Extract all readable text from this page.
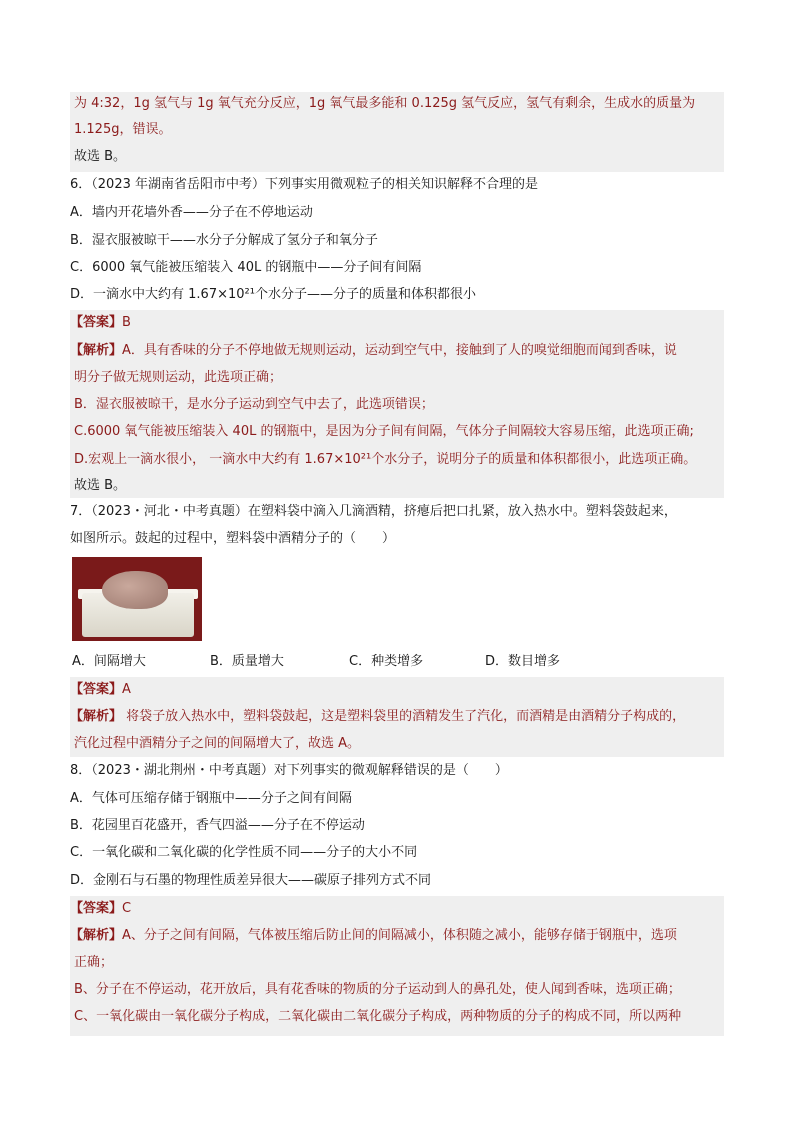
为 4:32，1g 氢气与 1g 氧气充分反应，1g 氧气最多能和 0.125g 氢气反应，氢气有剩余，生成水的质量为
1.125g，错误。
故选 B。
6．（2023 年湖南省岳阳市中考）下列事实用微观粒子的相关知识解释不合理的是
A．墙内开花墙外香——分子在不停地运动
B．湿衣服被晾干——水分子分解成了氢分子和氧分子
C．6000 氧气能被压缩装入 40L 的钢瓶中——分子间有间隔
D．一滴水中大约有 1.67×10²¹个水分子——分子的质量和体积都很小
【答案】B
【解析】A．具有香味的分子不停地做无规则运动，运动到空气中，接触到了人的嗅觉细胞而闻到香味，说
明分子做无规则运动，此选项正确；
B．湿衣服被晾干，是水分子运动到空气中去了，此选项错误；
C.6000 氧气能被压缩装入 40L 的钢瓶中，是因为分子间有间隔，气体分子间隔较大容易压缩，此选项正确;
D.宏观上一滴水很小， 一滴水中大约有 1.67×10²¹个水分子，说明分子的质量和体积都很小，此选项正确。
故选 B。
7．（2023・河北・中考真题）在塑料袋中滴入几滴酒精，挤瘪后把口扎紧，放入热水中。塑料袋鼓起来，
如图所示。鼓起的过程中，塑料袋中酒精分子的（　　）
A．间隔增大	B．质量增大	C．种类增多	D．数目增多
【答案】A
【解析】 将袋子放入热水中，塑料袋鼓起，这是塑料袋里的酒精发生了汽化，而酒精是由酒精分子构成的，
汽化过程中酒精分子之间的间隔增大了，故选 A。
8．（2023・湖北荆州・中考真题）对下列事实的微观解释错误的是（　　）
A．气体可压缩存储于钢瓶中——分子之间有间隔
B．花园里百花盛开，香气四溢——分子在不停运动
C．一氧化碳和二氧化碳的化学性质不同——分子的大小不同
D．金刚石与石墨的物理性质差异很大——碳原子排列方式不同
【答案】C
【解析】A、分子之间有间隔，气体被压缩后防止间的间隔减小，体积随之减小，能够存储于钢瓶中，选项
正确；
B、分子在不停运动，花开放后，具有花香味的物质的分子运动到人的鼻孔处，使人闻到香味，选项正确；
C、一氧化碳由一氧化碳分子构成，二氧化碳由二氧化碳分子构成，两种物质的分子的构成不同，所以两种
